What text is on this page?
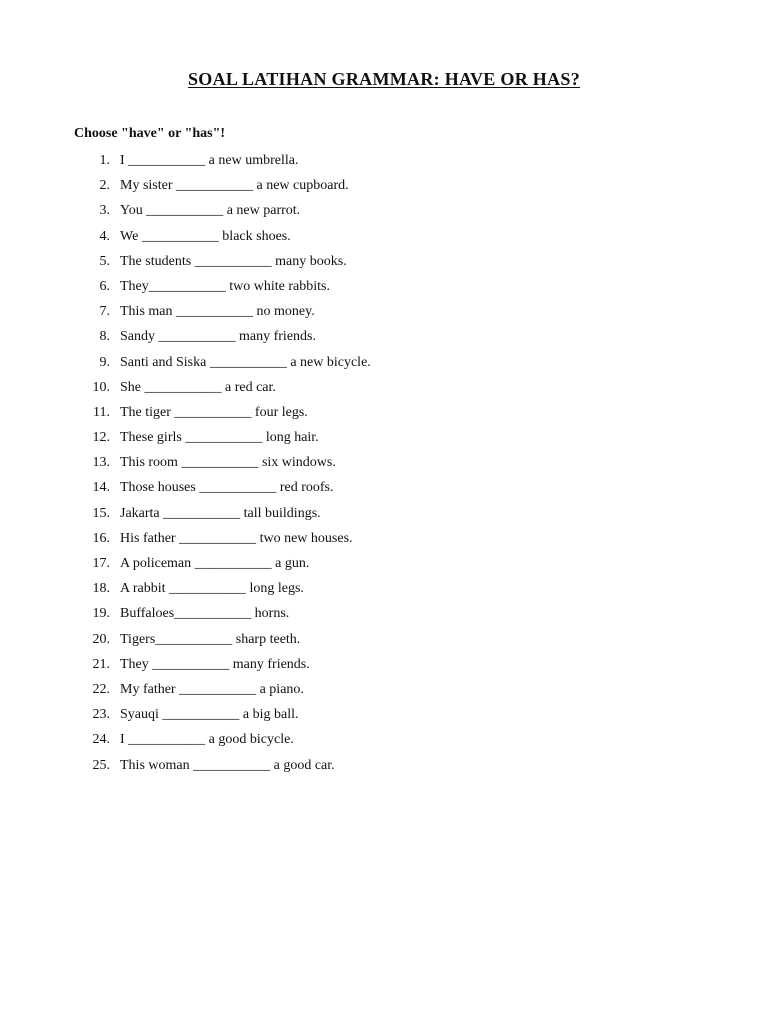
SOAL LATIHAN GRAMMAR: HAVE OR HAS?
Choose "have" or "has"!
1. I ___________ a new umbrella.
2. My sister ___________ a new cupboard.
3. You ___________ a new parrot.
4. We ___________ black shoes.
5. The students ___________ many books.
6. They___________ two white rabbits.
7. This man ___________ no money.
8. Sandy ___________ many friends.
9. Santi and Siska ___________ a new bicycle.
10. She ___________ a red car.
11. The tiger ___________ four legs.
12. These girls ___________ long hair.
13. This room ___________ six windows.
14. Those houses ___________ red roofs.
15. Jakarta ___________ tall buildings.
16. His father ___________ two new houses.
17. A policeman ___________ a gun.
18. A rabbit ___________ long legs.
19. Buffaloes___________ horns.
20. Tigers___________ sharp teeth.
21. They ___________ many friends.
22. My father ___________ a piano.
23. Syauqi ___________ a big ball.
24. I ___________ a good bicycle.
25. This woman ___________ a good car.
